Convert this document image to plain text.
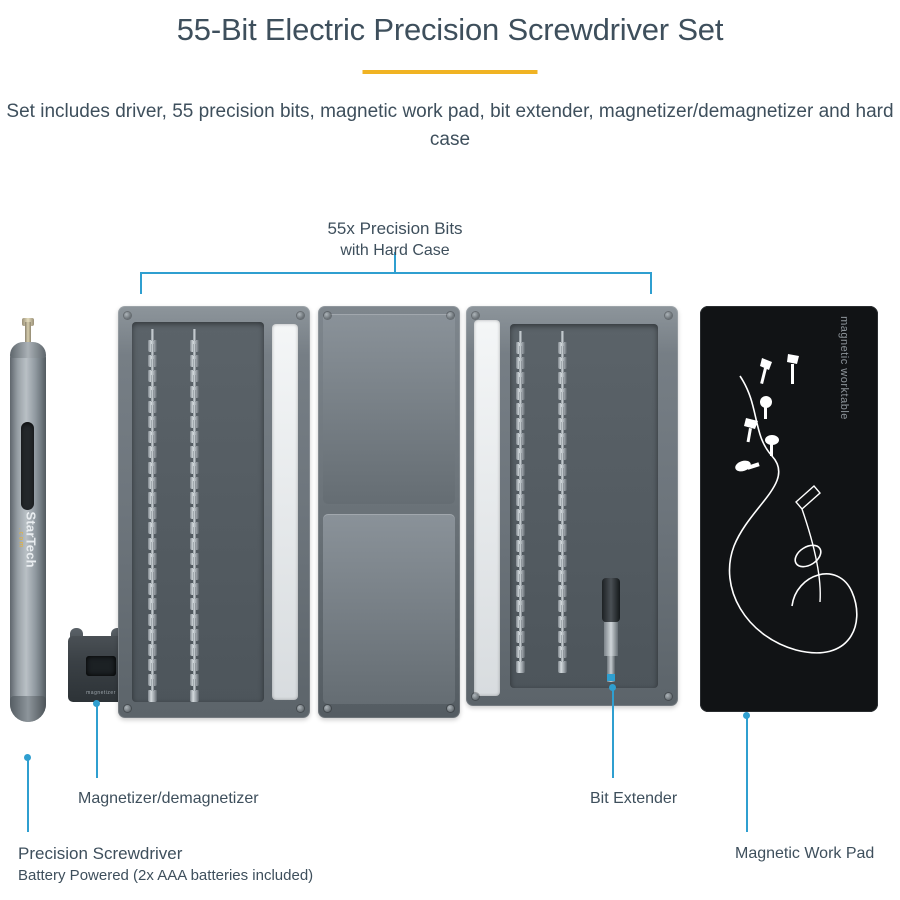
55-Bit Electric Precision Screwdriver Set
Set includes driver, 55 precision bits, magnetic work pad, bit extender, magnetizer/demagnetizer and hard case
55x Precision Bits
with Hard Case
StarTech
.com
magnetizer
magnetic worktable
Magnetizer/demagnetizer	Bit Extender
Precision Screwdriver
Battery Powered (2x AAA batteries included)
Magnetic Work Pad
